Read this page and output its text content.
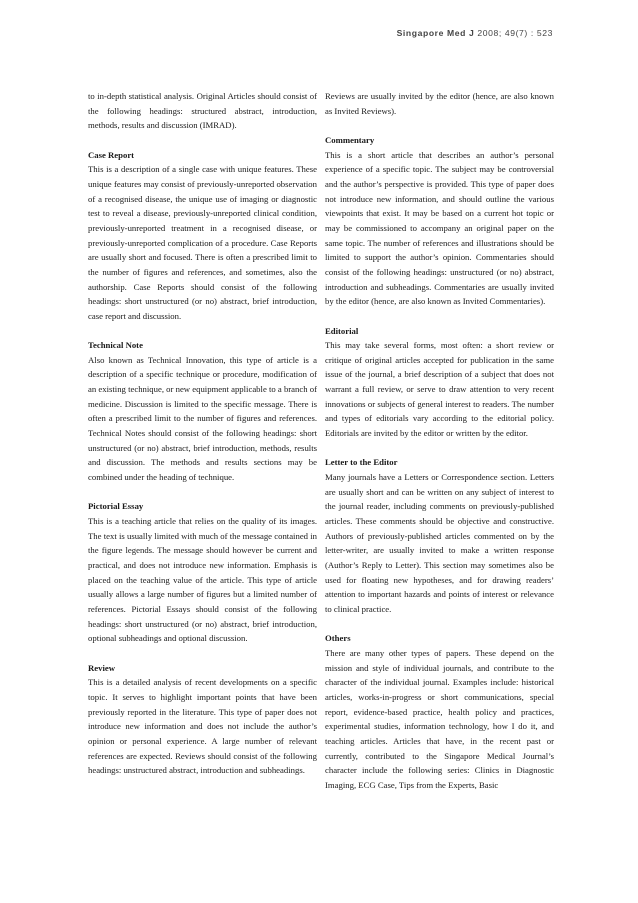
Singapore Med J 2008; 49(7) : 523

to in-depth statistical analysis. Original Articles should consist of the following headings: structured abstract, introduction, methods, results and discussion (IMRAD).

Case Report

This is a description of a single case with unique features. These unique features may consist of previously-unreported observation of a recognised disease, the unique use of imaging or diagnostic test to reveal a disease, previously-unreported clinical condition, previously-unreported treatment in a recognised disease, or previously-unreported complication of a procedure. Case Reports are usually short and focused. There is often a prescribed limit to the number of figures and references, and sometimes, also the authorship. Case Reports should consist of the following headings: short unstructured (or no) abstract, brief introduction, case report and discussion.

Technical Note

Also known as Technical Innovation, this type of article is a description of a specific technique or procedure, modification of an existing technique, or new equipment applicable to a branch of medicine. Discussion is limited to the specific message. There is often a prescribed limit to the number of figures and references. Technical Notes should consist of the following headings: short unstructured (or no) abstract, brief introduction, methods, results and discussion. The methods and results sections may be combined under the heading of technique.

Pictorial Essay

This is a teaching article that relies on the quality of its images. The text is usually limited with much of the message contained in the figure legends. The message should however be current and practical, and does not introduce new information. Emphasis is placed on the teaching value of the article. This type of article usually allows a large number of figures but a limited number of references. Pictorial Essays should consist of the following headings: short unstructured (or no) abstract, brief introduction, optional subheadings and optional discussion.

Review

This is a detailed analysis of recent developments on a specific topic. It serves to highlight important points that have been previously reported in the literature. This type of paper does not introduce new information and does not include the author’s opinion or personal experience. A large number of relevant references are expected. Reviews should consist of the following headings: unstructured abstract, introduction and subheadings.

Reviews are usually invited by the editor (hence, are also known as Invited Reviews).

Commentary

This is a short article that describes an author’s personal experience of a specific topic. The subject may be controversial and the author’s perspective is provided. This type of paper does not introduce new information, and should outline the various viewpoints that exist. It may be based on a current hot topic or may be commissioned to accompany an original paper on the same topic. The number of references and illustrations should be limited to support the author’s opinion. Commentaries should consist of the following headings: unstructured (or no) abstract, introduction and subheadings. Commentaries are usually invited by the editor (hence, are also known as Invited Commentaries).

Editorial

This may take several forms, most often: a short review or critique of original articles accepted for publication in the same issue of the journal, a brief description of a subject that does not warrant a full review, or serve to draw attention to very recent innovations or subjects of general interest to readers. The number and types of editorials vary according to the editorial policy. Editorials are invited by the editor or written by the editor.

Letter to the Editor

Many journals have a Letters or Correspondence section. Letters are usually short and can be written on any subject of interest to the journal reader, including comments on previously-published articles. These comments should be objective and constructive. Authors of previously-published articles commented on by the letter-writer, are usually invited to make a written response (Author’s Reply to Letter). This section may sometimes also be used for floating new hypotheses, and for drawing readers’ attention to important hazards and points of interest or relevance to clinical practice.

Others

There are many other types of papers. These depend on the mission and style of individual journals, and contribute to the character of the individual journal. Examples include: historical articles, works-in-progress or short communications, special report, evidence-based practice, health policy and practices, experimental studies, information technology, how I do it, and teaching articles. Articles that have, in the recent past or currently, contributed to the Singapore Medical Journal’s character include the following series: Clinics in Diagnostic Imaging, ECG Case, Tips from the Experts, Basic
